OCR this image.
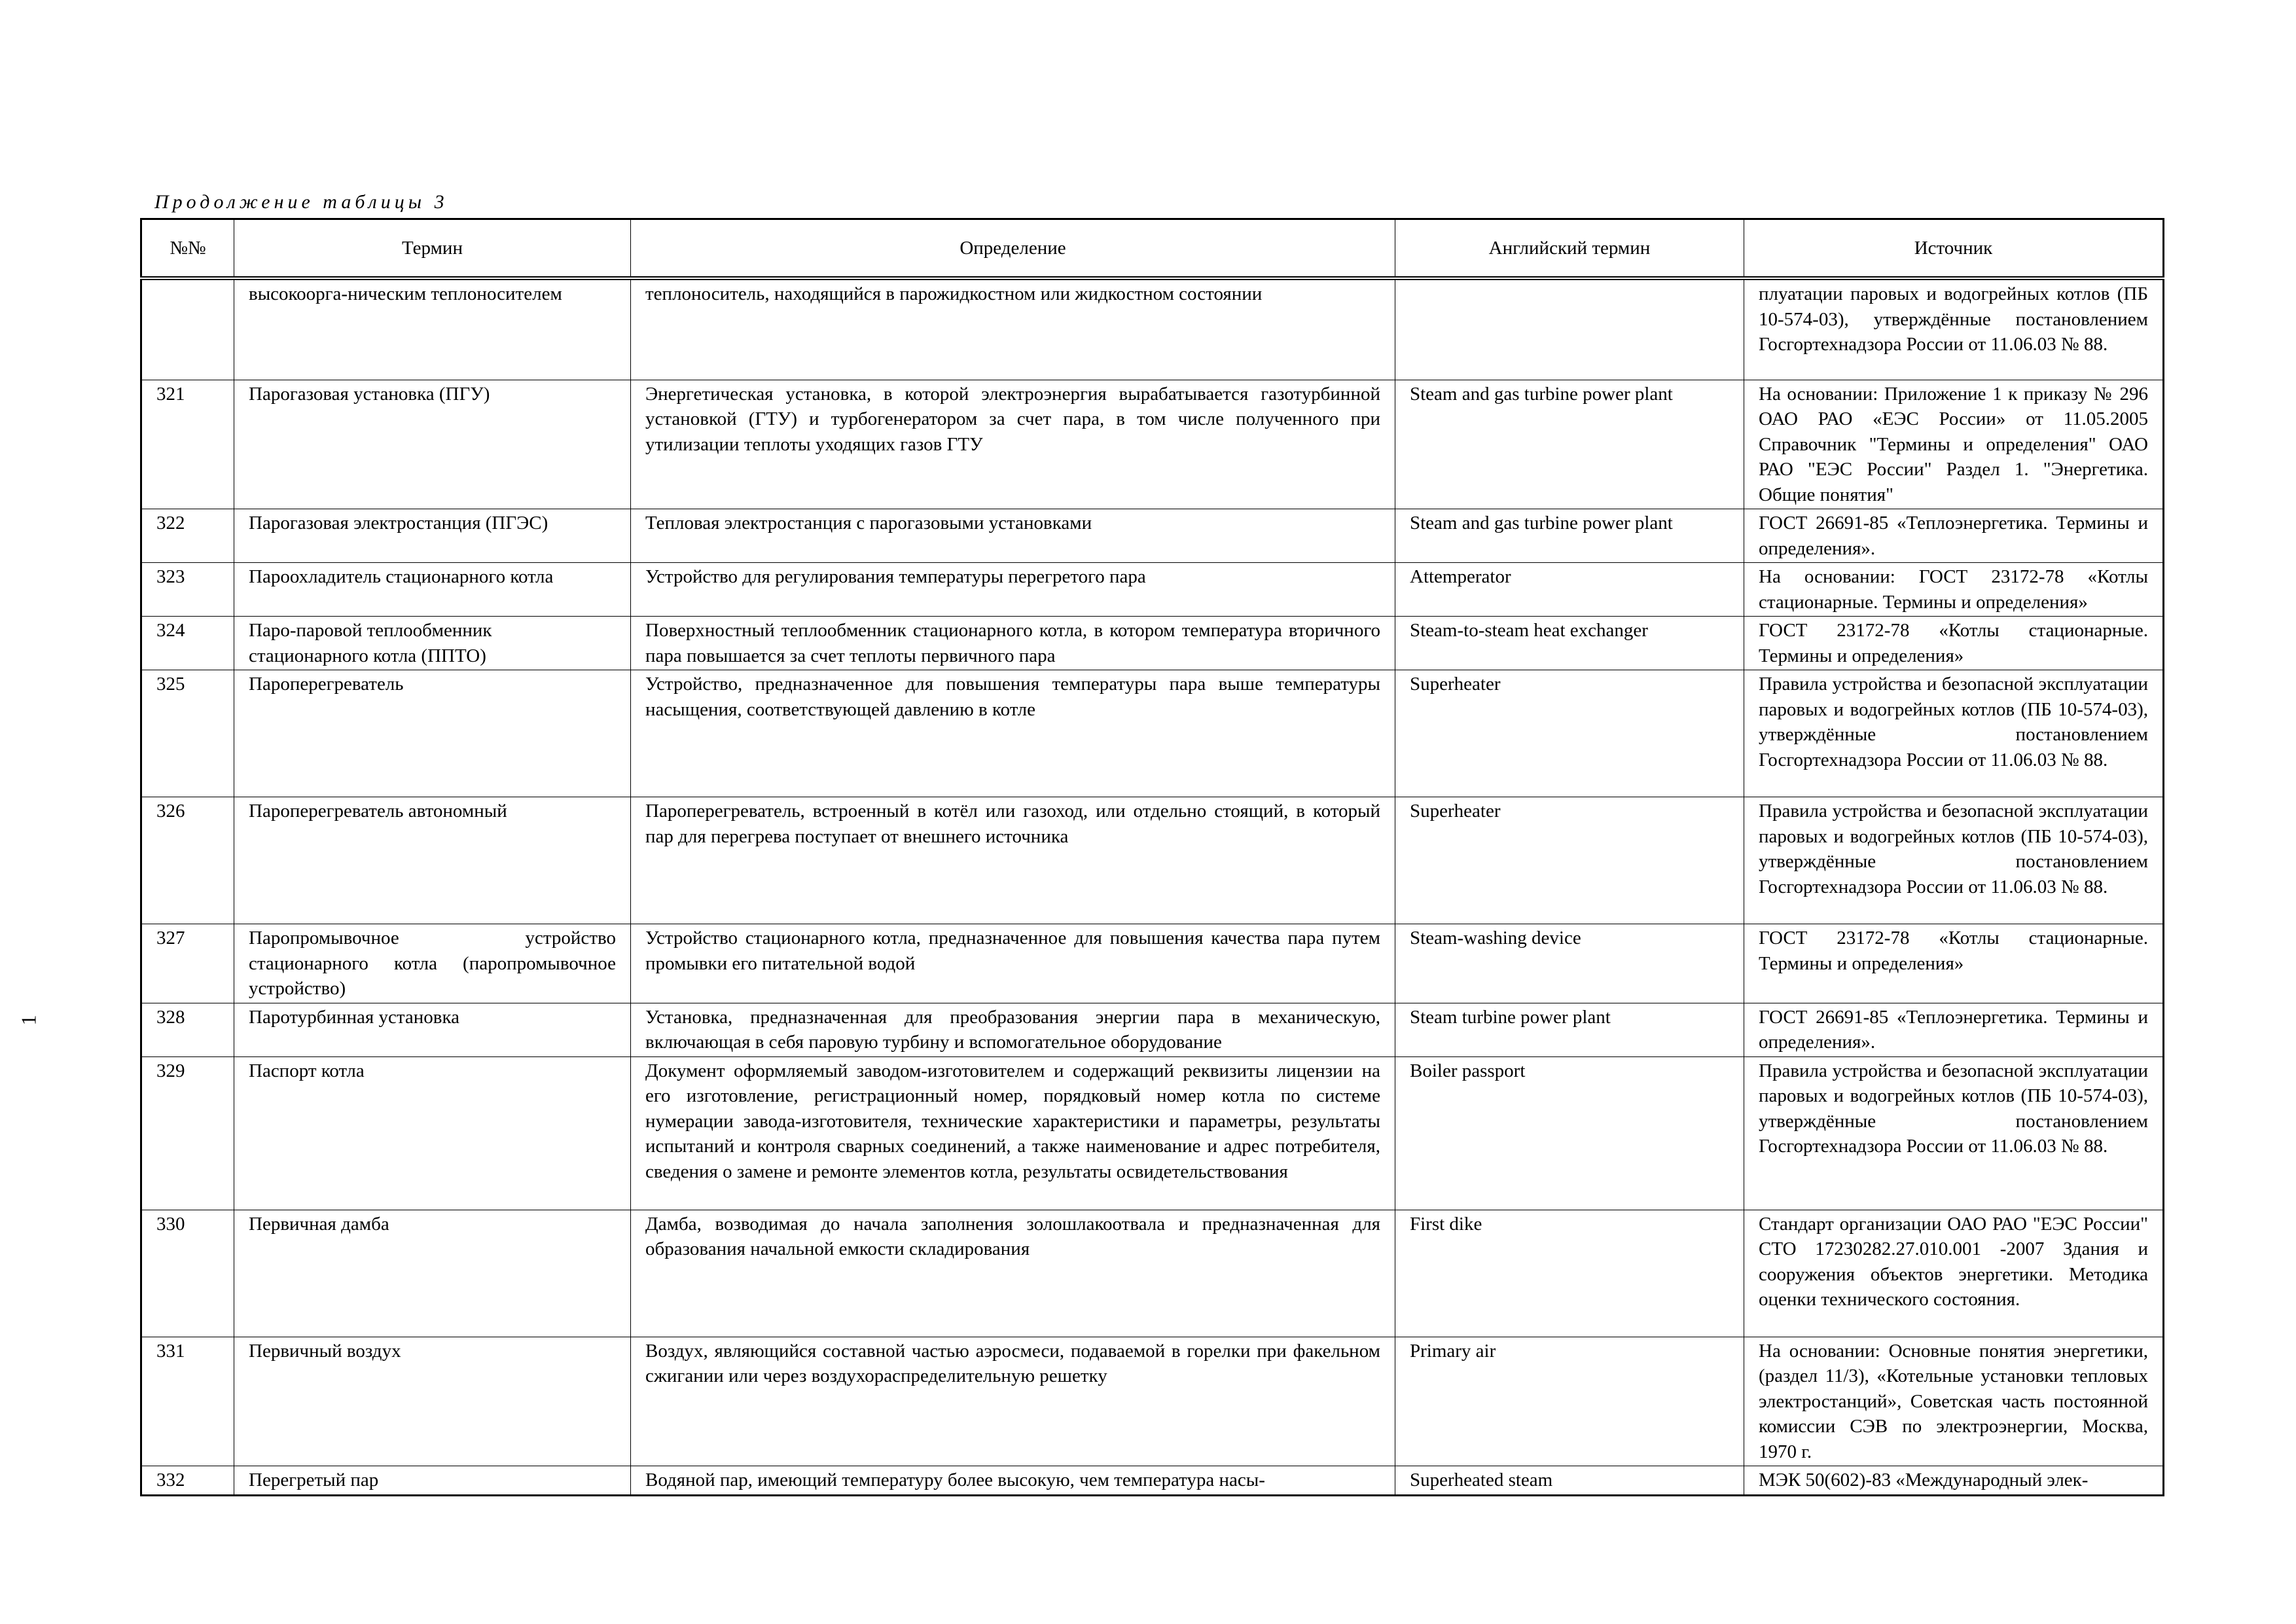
Продолжение таблицы 3
1
№№	Термин	Определение	Английский термин	Источник
	высокоорга-ническим теплоносителем	теплоноситель, находящийся в парожидкостном или жидкостном состоянии		плуатации паровых и водогрейных котлов (ПБ 10-574-03), утверждённые постановлением Госгортехнадзора России от 11.06.03 № 88.
321	Парогазовая установка (ПГУ)	Энергетическая установка, в которой электроэнергия вырабатывается газотурбинной установкой (ГТУ) и турбогенератором за счет пара, в том числе полученного при утилизации теплоты уходящих газов ГТУ	Steam and gas turbine power plant	На основании: Приложение 1 к приказу № 296 ОАО РАО «ЕЭС России» от 11.05.2005 Справочник "Термины и определения" ОАО РАО "ЕЭС России" Раздел 1. "Энергетика. Общие понятия"
322	Парогазовая электростанция (ПГЭС)	Тепловая электростанция с парогазовыми установками	Steam and gas turbine power plant	ГОСТ 26691-85 «Теплоэнергетика. Термины и определения».
323	Пароохладитель стационарного котла	Устройство для регулирования температуры перегретого пара	Attemperator	На основании: ГОСТ 23172-78 «Котлы стационарные. Термины и определения»
324	Паро-паровой теплообменник стационарного котла (ППТО)	Поверхностный теплообменник стационарного котла, в котором температура вторичного пара повышается за счет теплоты первичного пара	Steam-to-steam heat exchanger	ГОСТ 23172-78 «Котлы стационарные. Термины и определения»
325	Пароперегреватель	Устройство, предназначенное для повышения температуры пара выше температуры насыщения, соответствующей давлению в котле	Superheater	Правила устройства и безопасной эксплуатации паровых и водогрейных котлов (ПБ 10-574-03), утверждённые постановлением Госгортехнадзора России от 11.06.03 № 88.
326	Пароперегреватель автономный	Пароперегреватель, встроенный в котёл или газоход, или отдельно стоящий, в который пар для перегрева поступает от внешнего источника	Superheater	Правила устройства и безопасной эксплуатации паровых и водогрейных котлов (ПБ 10-574-03), утверждённые постановлением Госгортехнадзора России от 11.06.03 № 88.
327	Паропромывочное устройство стационарного котла (паропромывочное устройство)	Устройство стационарного котла, предназначенное для повышения качества пара путем промывки его питательной водой	Steam-washing device	ГОСТ 23172-78 «Котлы стационарные. Термины и определения»
328	Паротурбинная установка	Установка, предназначенная для преобразования энергии пара в механическую, включающая в себя паровую турбину и вспомогательное оборудование	Steam turbine power plant	ГОСТ 26691-85 «Теплоэнергетика. Термины и определения».
329	Паспорт котла	Документ оформляемый заводом-изготовителем и содержащий реквизиты лицензии на его изготовление, регистрационный номер, порядковый номер котла по системе нумерации завода-изготовителя, технические характеристики и параметры, результаты испытаний и контроля сварных соединений, а также наименование и адрес потребителя, сведения о замене и ремонте элементов котла, результаты освидетельствования	Boiler passport	Правила устройства и безопасной эксплуатации паровых и водогрейных котлов (ПБ 10-574-03), утверждённые постановлением Госгортехнадзора России от 11.06.03 № 88.
330	Первичная дамба	Дамба, возводимая до начала заполнения золошлакоотвала и предназначенная для образования начальной емкости складирования	First dike	Стандарт организации ОАО РАО "ЕЭС России" СТО 17230282.27.010.001 -2007 Здания и сооружения объектов энергетики. Методика оценки технического состояния.
331	Первичный воздух	Воздух, являющийся составной частью аэросмеси, подаваемой в горелки при факельном сжигании или через воздухораспределительную решетку	Primary air	На основании: Основные понятия энергетики, (раздел 11/3), «Котельные установки тепловых электростанций», Советская часть постоянной комиссии СЭВ по электроэнергии, Москва, 1970 г.
332	Перегретый пар	Водяной пар, имеющий температуру более высокую, чем температура насы-	Superheated steam	МЭК 50(602)-83 «Международный элек-
